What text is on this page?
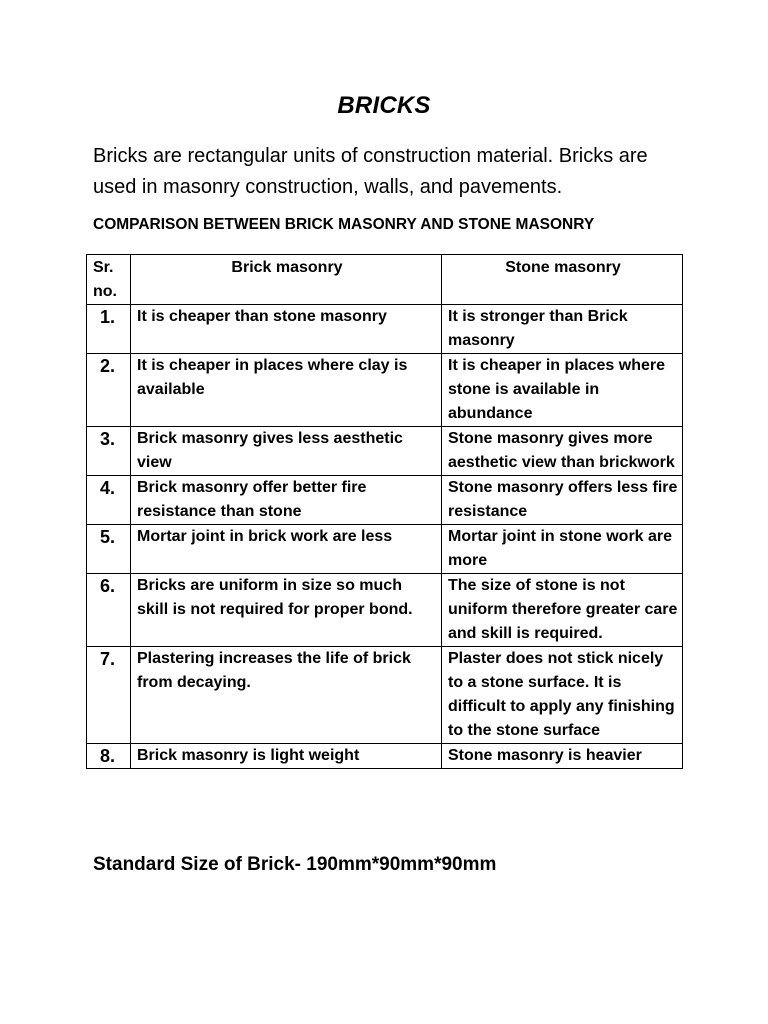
BRICKS
Bricks are rectangular units of construction material. Bricks are used in masonry construction, walls, and pavements.
COMPARISON BETWEEN BRICK MASONRY AND STONE MASONRY
Sr. no.	Brick masonry	Stone masonry
1.	It is cheaper than stone masonry	It is stronger than Brick masonry
2.	It is cheaper in places where clay is available	It is cheaper in places where stone is available in abundance
3.	Brick masonry gives less aesthetic view	Stone masonry gives more aesthetic view than brickwork
4.	Brick masonry offer better fire resistance than stone	Stone masonry offers less fire resistance
5.	Mortar joint in brick work are less	Mortar joint in stone work are more
6.	Bricks are uniform in size so much skill is not required for proper bond.	The size of stone is not uniform therefore greater care and skill is required.
7.	Plastering increases the life of brick from decaying.	Plaster does not stick nicely to a stone surface. It is difficult to apply any finishing to the stone surface
8.	Brick masonry is light weight	Stone masonry is heavier
Standard Size of Brick- 190mm*90mm*90mm
